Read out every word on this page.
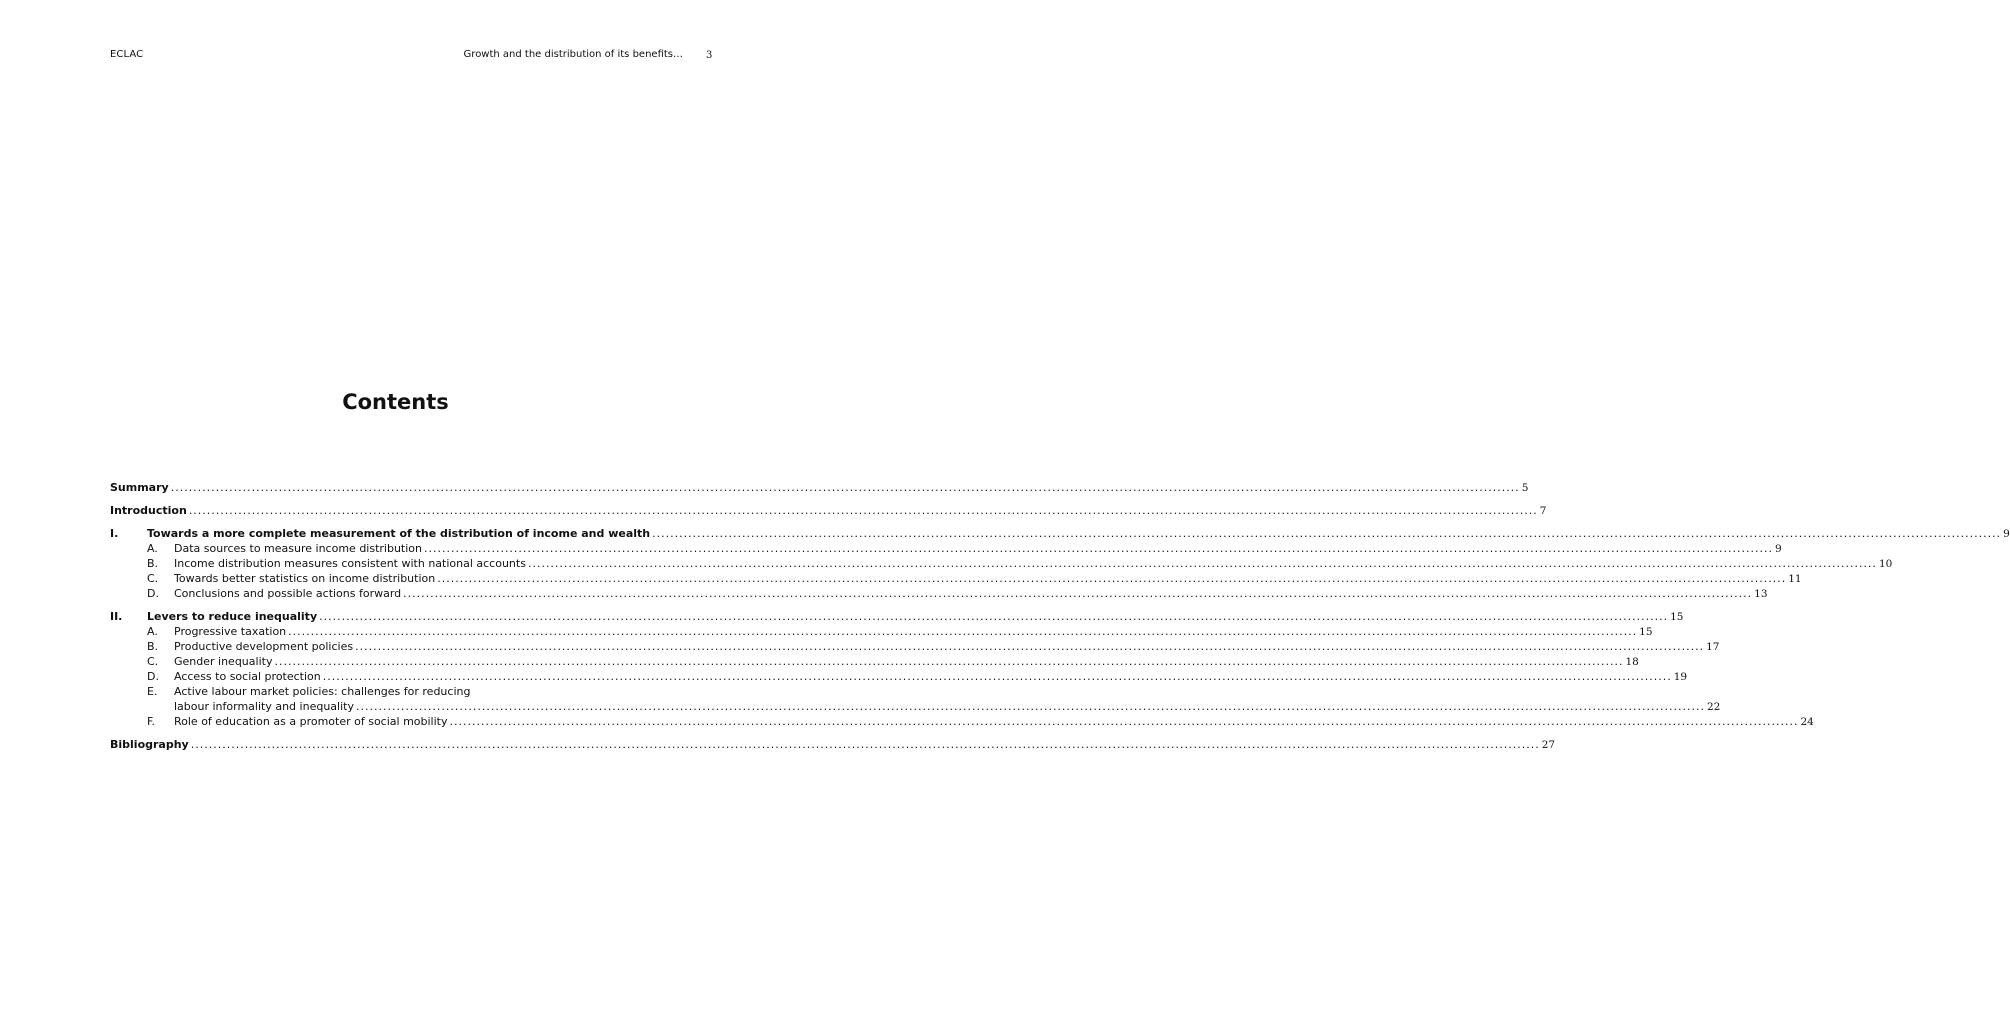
ECLAC	Growth and the distribution of its benefits… 3
Contents
Summary ............................................................................................................................................................................................................................................................................................................ 5
Introduction ............................................................................................................................................................................................................................................................................................................ 7
I.	Towards a more complete measurement of the distribution of income and wealth ............................................................................................................................................................................................................................................................................................................ 9
A. Data sources to measure income distribution ............................................................................................................................................................................................................................................................................................................ 9
B. Income distribution measures consistent with national accounts ............................................................................................................................................................................................................................................................................................................ 10
C. Towards better statistics on income distribution ............................................................................................................................................................................................................................................................................................................ 11
D. Conclusions and possible actions forward ............................................................................................................................................................................................................................................................................................................ 13
II. Levers to reduce inequality ............................................................................................................................................................................................................................................................................................................ 15
A. Progressive taxation ............................................................................................................................................................................................................................................................................................................ 15
B. Productive development policies ............................................................................................................................................................................................................................................................................................................ 17
C. Gender inequality ............................................................................................................................................................................................................................................................................................................ 18
D. Access to social protection ............................................................................................................................................................................................................................................................................................................ 19
E. Active labour market policies: challenges for reducing
labour informality and inequality ............................................................................................................................................................................................................................................................................................................ 22
F. Role of education as a promoter of social mobility ............................................................................................................................................................................................................................................................................................................ 24
Bibliography ............................................................................................................................................................................................................................................................................................................ 27
